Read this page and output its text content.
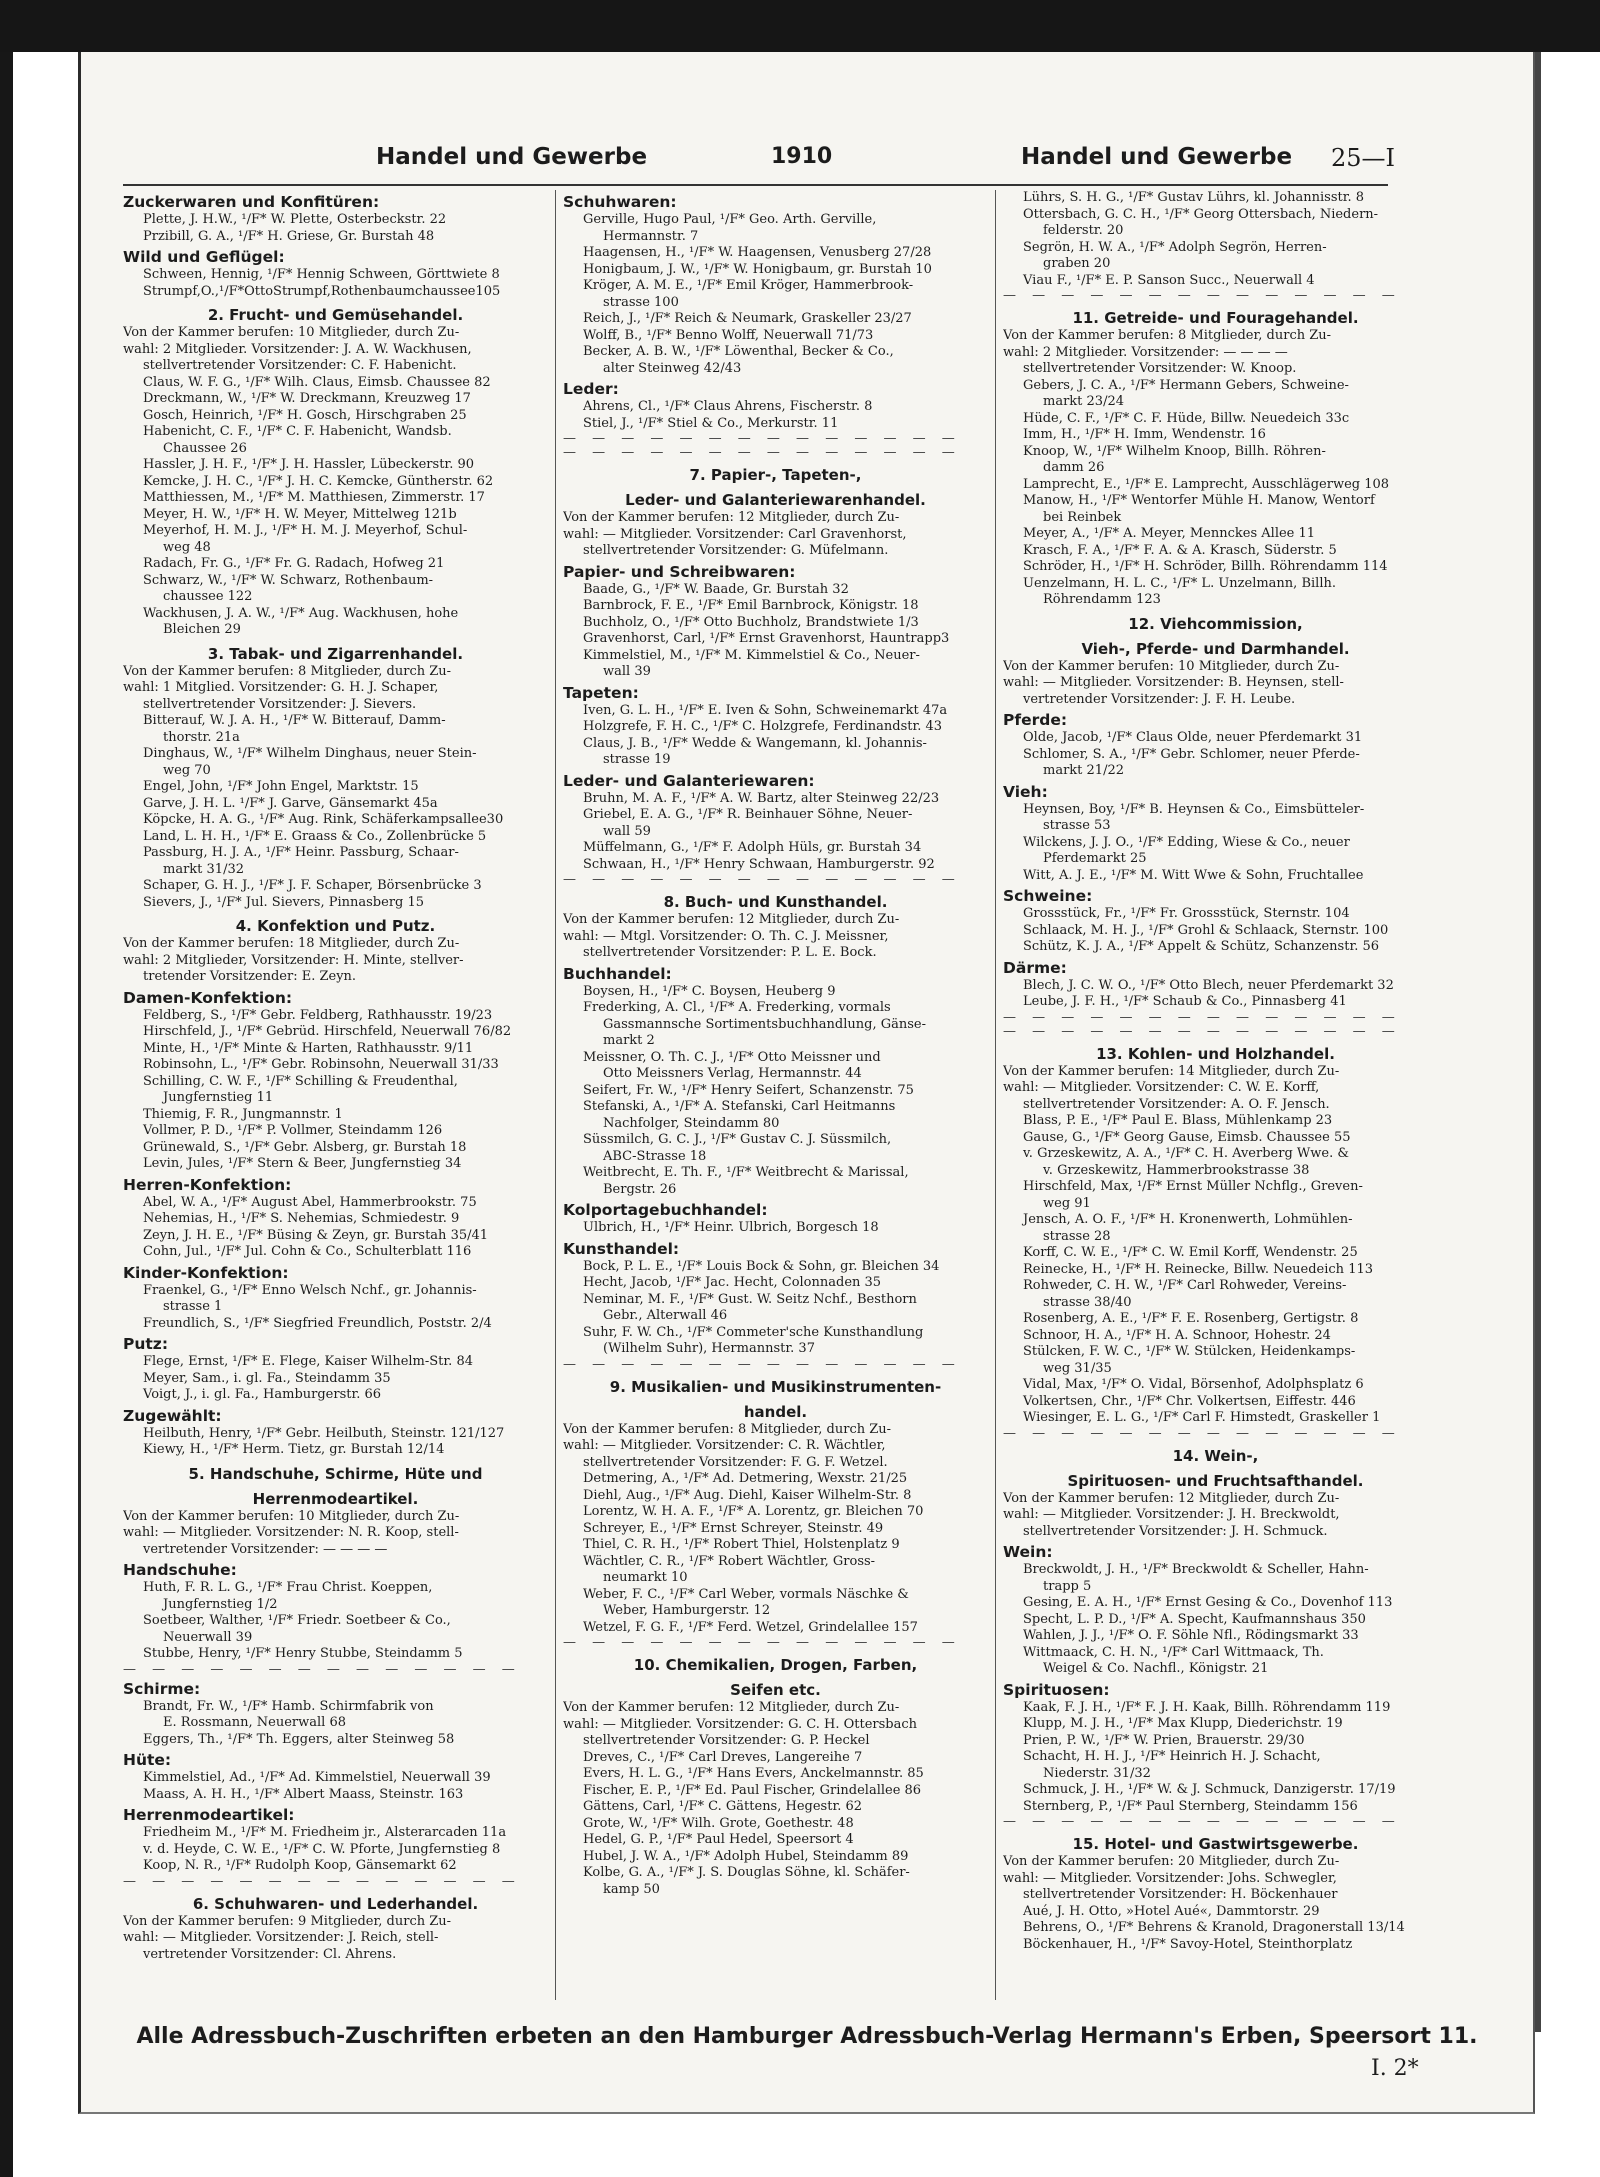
Handel und Gewerbe	1910	Handel und Gewerbe 25—I
Zuckerwaren und Konfitüren:
Plette, J. H.W., ¹/F* W. Plette, Osterbeckstr. 22
Przibill, G. A., ¹/F* H. Griese, Gr. Burstah 48
Wild und Geflügel:
Schween, Hennig, ¹/F* Hennig Schween, Görttwiete 8
Strumpf,O.,¹/F*OttoStrumpf,Rothenbaumchaussee105
2. Frucht- und Gemüsehandel.
Von der Kammer berufen: 10 Mitglieder, durch Zu-
wahl: 2 Mitglieder. Vorsitzender: J. A. W. Wackhusen,
stellvertretender Vorsitzender: C. F. Habenicht.
Claus, W. F. G., ¹/F* Wilh. Claus, Eimsb. Chaussee 82
Dreckmann, W., ¹/F* W. Dreckmann, Kreuzweg 17
Gosch, Heinrich, ¹/F* H. Gosch, Hirschgraben 25
Habenicht, C. F., ¹/F* C. F. Habenicht, Wandsb.
Chaussee 26
Hassler, J. H. F., ¹/F* J. H. Hassler, Lübeckerstr. 90
Kemcke, J. H. C., ¹/F* J. H. C. Kemcke, Güntherstr. 62
Matthiessen, M., ¹/F* M. Matthiesen, Zimmerstr. 17
Meyer, H. W., ¹/F* H. W. Meyer, Mittelweg 121b
Meyerhof, H. M. J., ¹/F* H. M. J. Meyerhof, Schul-
weg 48
Radach, Fr. G., ¹/F* Fr. G. Radach, Hofweg 21
Schwarz, W., ¹/F* W. Schwarz, Rothenbaum-
chaussee 122
Wackhusen, J. A. W., ¹/F* Aug. Wackhusen, hohe
Bleichen 29
3. Tabak- und Zigarrenhandel.
Von der Kammer berufen: 8 Mitglieder, durch Zu-
wahl: 1 Mitglied. Vorsitzender: G. H. J. Schaper,
stellvertretender Vorsitzender: J. Sievers.
Bitterauf, W. J. A. H., ¹/F* W. Bitterauf, Damm-
thorstr. 21a
Dinghaus, W., ¹/F* Wilhelm Dinghaus, neuer Stein-
weg 70
Engel, John, ¹/F* John Engel, Marktstr. 15
Garve, J. H. L. ¹/F* J. Garve, Gänsemarkt 45a
Köpcke, H. A. G., ¹/F* Aug. Rink, Schäferkampsallee30
Land, L. H. H., ¹/F* E. Graass & Co., Zollenbrücke 5
Passburg, H. J. A., ¹/F* Heinr. Passburg, Schaar-
markt 31/32
Schaper, G. H. J., ¹/F* J. F. Schaper, Börsenbrücke 3
Sievers, J., ¹/F* Jul. Sievers, Pinnasberg 15
4. Konfektion und Putz.
Von der Kammer berufen: 18 Mitglieder, durch Zu-
wahl: 2 Mitglieder, Vorsitzender: H. Minte, stellver-
tretender Vorsitzender: E. Zeyn.
Damen-Konfektion:
Feldberg, S., ¹/F* Gebr. Feldberg, Rathhausstr. 19/23
Hirschfeld, J., ¹/F* Gebrüd. Hirschfeld, Neuerwall 76/82
Minte, H., ¹/F* Minte & Harten, Rathhausstr. 9/11
Robinsohn, L., ¹/F* Gebr. Robinsohn, Neuerwall 31/33
Schilling, C. W. F., ¹/F* Schilling & Freudenthal,
Jungfernstieg 11
Thiemig, F. R., Jungmannstr. 1
Vollmer, P. D., ¹/F* P. Vollmer, Steindamm 126
Grünewald, S., ¹/F* Gebr. Alsberg, gr. Burstah 18
Levin, Jules, ¹/F* Stern & Beer, Jungfernstieg 34
Herren-Konfektion:
Abel, W. A., ¹/F* August Abel, Hammerbrookstr. 75
Nehemias, H., ¹/F* S. Nehemias, Schmiedestr. 9
Zeyn, J. H. E., ¹/F* Büsing & Zeyn, gr. Burstah 35/41
Cohn, Jul., ¹/F* Jul. Cohn & Co., Schulterblatt 116
Kinder-Konfektion:
Fraenkel, G., ¹/F* Enno Welsch Nchf., gr. Johannis-
strasse 1
Freundlich, S., ¹/F* Siegfried Freundlich, Poststr. 2/4
Putz:
Flege, Ernst, ¹/F* E. Flege, Kaiser Wilhelm-Str. 84
Meyer, Sam., i. gl. Fa., Steindamm 35
Voigt, J., i. gl. Fa., Hamburgerstr. 66
Zugewählt:
Heilbuth, Henry, ¹/F* Gebr. Heilbuth, Steinstr. 121/127
Kiewy, H., ¹/F* Herm. Tietz, gr. Burstah 12/14
5. Handschuhe, Schirme, Hüte und
Herrenmodeartikel.
Von der Kammer berufen: 10 Mitglieder, durch Zu-
wahl: — Mitglieder. Vorsitzender: N. R. Koop, stell-
vertretender Vorsitzender: — — — —
Handschuhe:
Huth, F. R. L. G., ¹/F* Frau Christ. Koeppen,
Jungfernstieg 1/2
Soetbeer, Walther, ¹/F* Friedr. Soetbeer & Co.,
Neuerwall 39
Stubbe, Henry, ¹/F* Henry Stubbe, Steindamm 5
— — — — — — — — — — — — — —
Schirme:
Brandt, Fr. W., ¹/F* Hamb. Schirmfabrik von
E. Rossmann, Neuerwall 68
Eggers, Th., ¹/F* Th. Eggers, alter Steinweg 58
Hüte:
Kimmelstiel, Ad., ¹/F* Ad. Kimmelstiel, Neuerwall 39
Maass, A. H. H., ¹/F* Albert Maass, Steinstr. 163
Herrenmodeartikel:
Friedheim M., ¹/F* M. Friedheim jr., Alsterarcaden 11a
v. d. Heyde, C. W. E., ¹/F* C. W. Pforte, Jungfernstieg 8
Koop, N. R., ¹/F* Rudolph Koop, Gänsemarkt 62
— — — — — — — — — — — — — —
6. Schuhwaren- und Lederhandel.
Von der Kammer berufen: 9 Mitglieder, durch Zu-
wahl: — Mitglieder. Vorsitzender: J. Reich, stell-
vertretender Vorsitzender: Cl. Ahrens.
Schuhwaren:
Gerville, Hugo Paul, ¹/F* Geo. Arth. Gerville,
Hermannstr. 7
Haagensen, H., ¹/F* W. Haagensen, Venusberg 27/28
Honigbaum, J. W., ¹/F* W. Honigbaum, gr. Burstah 10
Kröger, A. M. E., ¹/F* Emil Kröger, Hammerbrook-
strasse 100
Reich, J., ¹/F* Reich & Neumark, Graskeller 23/27
Wolff, B., ¹/F* Benno Wolff, Neuerwall 71/73
Becker, A. B. W., ¹/F* Löwenthal, Becker & Co.,
alter Steinweg 42/43
Leder:
Ahrens, Cl., ¹/F* Claus Ahrens, Fischerstr. 8
Stiel, J., ¹/F* Stiel & Co., Merkurstr. 11
— — — — — — — — — — — — — —
— — — — — — — — — — — — — —
7. Papier-, Tapeten-,
Leder- und Galanteriewarenhandel.
Von der Kammer berufen: 12 Mitglieder, durch Zu-
wahl: — Mitglieder. Vorsitzender: Carl Gravenhorst,
stellvertretender Vorsitzender: G. Müfelmann.
Papier- und Schreibwaren:
Baade, G., ¹/F* W. Baade, Gr. Burstah 32
Barnbrock, F. E., ¹/F* Emil Barnbrock, Königstr. 18
Buchholz, O., ¹/F* Otto Buchholz, Brandstwiete 1/3
Gravenhorst, Carl, ¹/F* Ernst Gravenhorst, Hauntrapp3
Kimmelstiel, M., ¹/F* M. Kimmelstiel & Co., Neuer-
wall 39
Tapeten:
Iven, G. L. H., ¹/F* E. Iven & Sohn, Schweinemarkt 47a
Holzgrefe, F. H. C., ¹/F* C. Holzgrefe, Ferdinandstr. 43
Claus, J. B., ¹/F* Wedde & Wangemann, kl. Johannis-
strasse 19
Leder- und Galanteriewaren:
Bruhn, M. A. F., ¹/F* A. W. Bartz, alter Steinweg 22/23
Griebel, E. A. G., ¹/F* R. Beinhauer Söhne, Neuer-
wall 59
Müffelmann, G., ¹/F* F. Adolph Hüls, gr. Burstah 34
Schwaan, H., ¹/F* Henry Schwaan, Hamburgerstr. 92
— — — — — — — — — — — — — —
8. Buch- und Kunsthandel.
Von der Kammer berufen: 12 Mitglieder, durch Zu-
wahl: — Mtgl. Vorsitzender: O. Th. C. J. Meissner,
stellvertretender Vorsitzender: P. L. E. Bock.
Buchhandel:
Boysen, H., ¹/F* C. Boysen, Heuberg 9
Frederking, A. Cl., ¹/F* A. Frederking, vormals
Gassmannsche Sortimentsbuchhandlung, Gänse-
markt 2
Meissner, O. Th. C. J., ¹/F* Otto Meissner und
Otto Meissners Verlag, Hermannstr. 44
Seifert, Fr. W., ¹/F* Henry Seifert, Schanzenstr. 75
Stefanski, A., ¹/F* A. Stefanski, Carl Heitmanns
Nachfolger, Steindamm 80
Süssmilch, G. C. J., ¹/F* Gustav C. J. Süssmilch,
ABC-Strasse 18
Weitbrecht, E. Th. F., ¹/F* Weitbrecht & Marissal,
Bergstr. 26
Kolportagebuchhandel:
Ulbrich, H., ¹/F* Heinr. Ulbrich, Borgesch 18
Kunsthandel:
Bock, P. L. E., ¹/F* Louis Bock & Sohn, gr. Bleichen 34
Hecht, Jacob, ¹/F* Jac. Hecht, Colonnaden 35
Neminar, M. F., ¹/F* Gust. W. Seitz Nchf., Besthorn
Gebr., Alterwall 46
Suhr, F. W. Ch., ¹/F* Commeter'sche Kunsthandlung
(Wilhelm Suhr), Hermannstr. 37
— — — — — — — — — — — — — —
9. Musikalien- und Musikinstrumenten-
handel.
Von der Kammer berufen: 8 Mitglieder, durch Zu-
wahl: — Mitglieder. Vorsitzender: C. R. Wächtler,
stellvertretender Vorsitzender: F. G. F. Wetzel.
Detmering, A., ¹/F* Ad. Detmering, Wexstr. 21/25
Diehl, Aug., ¹/F* Aug. Diehl, Kaiser Wilhelm-Str. 8
Lorentz, W. H. A. F., ¹/F* A. Lorentz, gr. Bleichen 70
Schreyer, E., ¹/F* Ernst Schreyer, Steinstr. 49
Thiel, C. R. H., ¹/F* Robert Thiel, Holstenplatz 9
Wächtler, C. R., ¹/F* Robert Wächtler, Gross-
neumarkt 10
Weber, F. C., ¹/F* Carl Weber, vormals Näschke &
Weber, Hamburgerstr. 12
Wetzel, F. G. F., ¹/F* Ferd. Wetzel, Grindelallee 157
— — — — — — — — — — — — — —
10. Chemikalien, Drogen, Farben,
Seifen etc.
Von der Kammer berufen: 12 Mitglieder, durch Zu-
wahl: — Mitglieder. Vorsitzender: G. C. H. Ottersbach
stellvertretender Vorsitzender: G. P. Heckel
Dreves, C., ¹/F* Carl Dreves, Langereihe 7
Evers, H. L. G., ¹/F* Hans Evers, Anckelmannstr. 85
Fischer, E. P., ¹/F* Ed. Paul Fischer, Grindelallee 86
Gättens, Carl, ¹/F* C. Gättens, Hegestr. 62
Grote, W., ¹/F* Wilh. Grote, Goethestr. 48
Hedel, G. P., ¹/F* Paul Hedel, Speersort 4
Hubel, J. W. A., ¹/F* Adolph Hubel, Steindamm 89
Kolbe, G. A., ¹/F* J. S. Douglas Söhne, kl. Schäfer-
kamp 50
Lührs, S. H. G., ¹/F* Gustav Lührs, kl. Johannisstr. 8
Ottersbach, G. C. H., ¹/F* Georg Ottersbach, Niedern-
felderstr. 20
Segrön, H. W. A., ¹/F* Adolph Segrön, Herren-
graben 20
Viau F., ¹/F* E. P. Sanson Succ., Neuerwall 4
— — — — — — — — — — — — — —
11. Getreide- und Fouragehandel.
Von der Kammer berufen: 8 Mitglieder, durch Zu-
wahl: 2 Mitglieder. Vorsitzender: — — — —
stellvertretender Vorsitzender: W. Knoop.
Gebers, J. C. A., ¹/F* Hermann Gebers, Schweine-
markt 23/24
Hüde, C. F., ¹/F* C. F. Hüde, Billw. Neuedeich 33c
Imm, H., ¹/F* H. Imm, Wendenstr. 16
Knoop, W., ¹/F* Wilhelm Knoop, Billh. Röhren-
damm 26
Lamprecht, E., ¹/F* E. Lamprecht, Ausschlägerweg 108
Manow, H., ¹/F* Wentorfer Mühle H. Manow, Wentorf
bei Reinbek
Meyer, A., ¹/F* A. Meyer, Mennckes Allee 11
Krasch, F. A., ¹/F* F. A. & A. Krasch, Süderstr. 5
Schröder, H., ¹/F* H. Schröder, Billh. Röhrendamm 114
Uenzelmann, H. L. C., ¹/F* L. Unzelmann, Billh.
Röhrendamm 123
12. Viehcommission,
Vieh-, Pferde- und Darmhandel.
Von der Kammer berufen: 10 Mitglieder, durch Zu-
wahl: — Mitglieder. Vorsitzender: B. Heynsen, stell-
vertretender Vorsitzender: J. F. H. Leube.
Pferde:
Olde, Jacob, ¹/F* Claus Olde, neuer Pferdemarkt 31
Schlomer, S. A., ¹/F* Gebr. Schlomer, neuer Pferde-
markt 21/22
Vieh:
Heynsen, Boy, ¹/F* B. Heynsen & Co., Eimsbütteler-
strasse 53
Wilckens, J. J. O., ¹/F* Edding, Wiese & Co., neuer
Pferdemarkt 25
Witt, A. J. E., ¹/F* M. Witt Wwe & Sohn, Fruchtallee
Schweine:
Grossstück, Fr., ¹/F* Fr. Grossstück, Sternstr. 104
Schlaack, M. H. J., ¹/F* Grohl & Schlaack, Sternstr. 100
Schütz, K. J. A., ¹/F* Appelt & Schütz, Schanzenstr. 56
Därme:
Blech, J. C. W. O., ¹/F* Otto Blech, neuer Pferdemarkt 32
Leube, J. F. H., ¹/F* Schaub & Co., Pinnasberg 41
— — — — — — — — — — — — — —
— — — — — — — — — — — — — —
13. Kohlen- und Holzhandel.
Von der Kammer berufen: 14 Mitglieder, durch Zu-
wahl: — Mitglieder. Vorsitzender: C. W. E. Korff,
stellvertretender Vorsitzender: A. O. F. Jensch.
Blass, P. E., ¹/F* Paul E. Blass, Mühlenkamp 23
Gause, G., ¹/F* Georg Gause, Eimsb. Chaussee 55
v. Grzeskewitz, A. A., ¹/F* C. H. Averberg Wwe. &
v. Grzeskewitz, Hammerbrookstrasse 38
Hirschfeld, Max, ¹/F* Ernst Müller Nchflg., Greven-
weg 91
Jensch, A. O. F., ¹/F* H. Kronenwerth, Lohmühlen-
strasse 28
Korff, C. W. E., ¹/F* C. W. Emil Korff, Wendenstr. 25
Reinecke, H., ¹/F* H. Reinecke, Billw. Neuedeich 113
Rohweder, C. H. W., ¹/F* Carl Rohweder, Vereins-
strasse 38/40
Rosenberg, A. E., ¹/F* F. E. Rosenberg, Gertigstr. 8
Schnoor, H. A., ¹/F* H. A. Schnoor, Hohestr. 24
Stülcken, F. W. C., ¹/F* W. Stülcken, Heidenkamps-
weg 31/35
Vidal, Max, ¹/F* O. Vidal, Börsenhof, Adolphsplatz 6
Volkertsen, Chr., ¹/F* Chr. Volkertsen, Eiffestr. 446
Wiesinger, E. L. G., ¹/F* Carl F. Himstedt, Graskeller 1
— — — — — — — — — — — — — —
14. Wein-,
Spirituosen- und Fruchtsafthandel.
Von der Kammer berufen: 12 Mitglieder, durch Zu-
wahl: — Mitglieder. Vorsitzender: J. H. Breckwoldt,
stellvertretender Vorsitzender: J. H. Schmuck.
Wein:
Breckwoldt, J. H., ¹/F* Breckwoldt & Scheller, Hahn-
trapp 5
Gesing, E. A. H., ¹/F* Ernst Gesing & Co., Dovenhof 113
Specht, L. P. D., ¹/F* A. Specht, Kaufmannshaus 350
Wahlen, J. J., ¹/F* O. F. Söhle Nfl., Rödingsmarkt 33
Wittmaack, C. H. N., ¹/F* Carl Wittmaack, Th.
Weigel & Co. Nachfl., Königstr. 21
Spirituosen:
Kaak, F. J. H., ¹/F* F. J. H. Kaak, Billh. Röhrendamm 119
Klupp, M. J. H., ¹/F* Max Klupp, Diederichstr. 19
Prien, P. W., ¹/F* W. Prien, Brauerstr. 29/30
Schacht, H. H. J., ¹/F* Heinrich H. J. Schacht,
Niederstr. 31/32
Schmuck, J. H., ¹/F* W. & J. Schmuck, Danzigerstr. 17/19
Sternberg, P., ¹/F* Paul Sternberg, Steindamm 156
— — — — — — — — — — — — — —
15. Hotel- und Gastwirtsgewerbe.
Von der Kammer berufen: 20 Mitglieder, durch Zu-
wahl: — Mitglieder. Vorsitzender: Johs. Schwegler,
stellvertretender Vorsitzender: H. Böckenhauer
Aué, J. H. Otto, »Hotel Aué«, Dammtorstr. 29
Behrens, O., ¹/F* Behrens & Kranold, Dragonerstall 13/14
Böckenhauer, H., ¹/F* Savoy-Hotel, Steinthorplatz
Alle Adressbuch-Zuschriften erbeten an den Hamburger Adressbuch-Verlag Hermann's Erben, Speersort 11.
I. 2*
